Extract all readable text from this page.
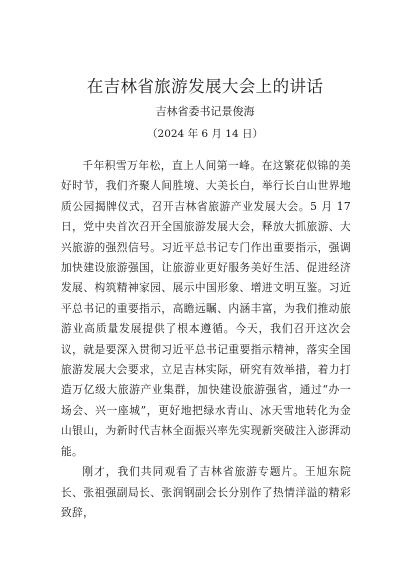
在吉林省旅游发展大会上的讲话

吉林省委书记景俊海

（2024 年 6 月 14 日）

千年积雪万年松，直上人间第一峰。在这繁花似锦的美好时节，我们齐聚人间胜境、大美长白，举行长白山世界地质公园揭牌仪式，召开吉林省旅游产业发展大会。5 月 17 日，党中央首次召开全国旅游发展大会，释放大抓旅游、大兴旅游的强烈信号。习近平总书记专门作出重要指示，强调加快建设旅游强国，让旅游业更好服务美好生活、促进经济发展、构筑精神家园、展示中国形象、增进文明互鉴。习近平总书记的重要指示，高瞻远瞩、内涵丰富，为我们推动旅游业高质量发展提供了根本遵循。今天，我们召开这次会议，就是要深入贯彻习近平总书记重要指示精神，落实全国旅游发展大会要求，立足吉林实际，研究有效举措，着力打造万亿级大旅游产业集群，加快建设旅游强省，通过“办一场会、兴一座城”，更好地把绿水青山、冰天雪地转化为金山银山，为新时代吉林全面振兴率先实现新突破注入澎湃动能。

刚才，我们共同观看了吉林省旅游专题片。王旭东院长、张祖强副局长、张润钢副会长分别作了热情洋溢的精彩致辞，
